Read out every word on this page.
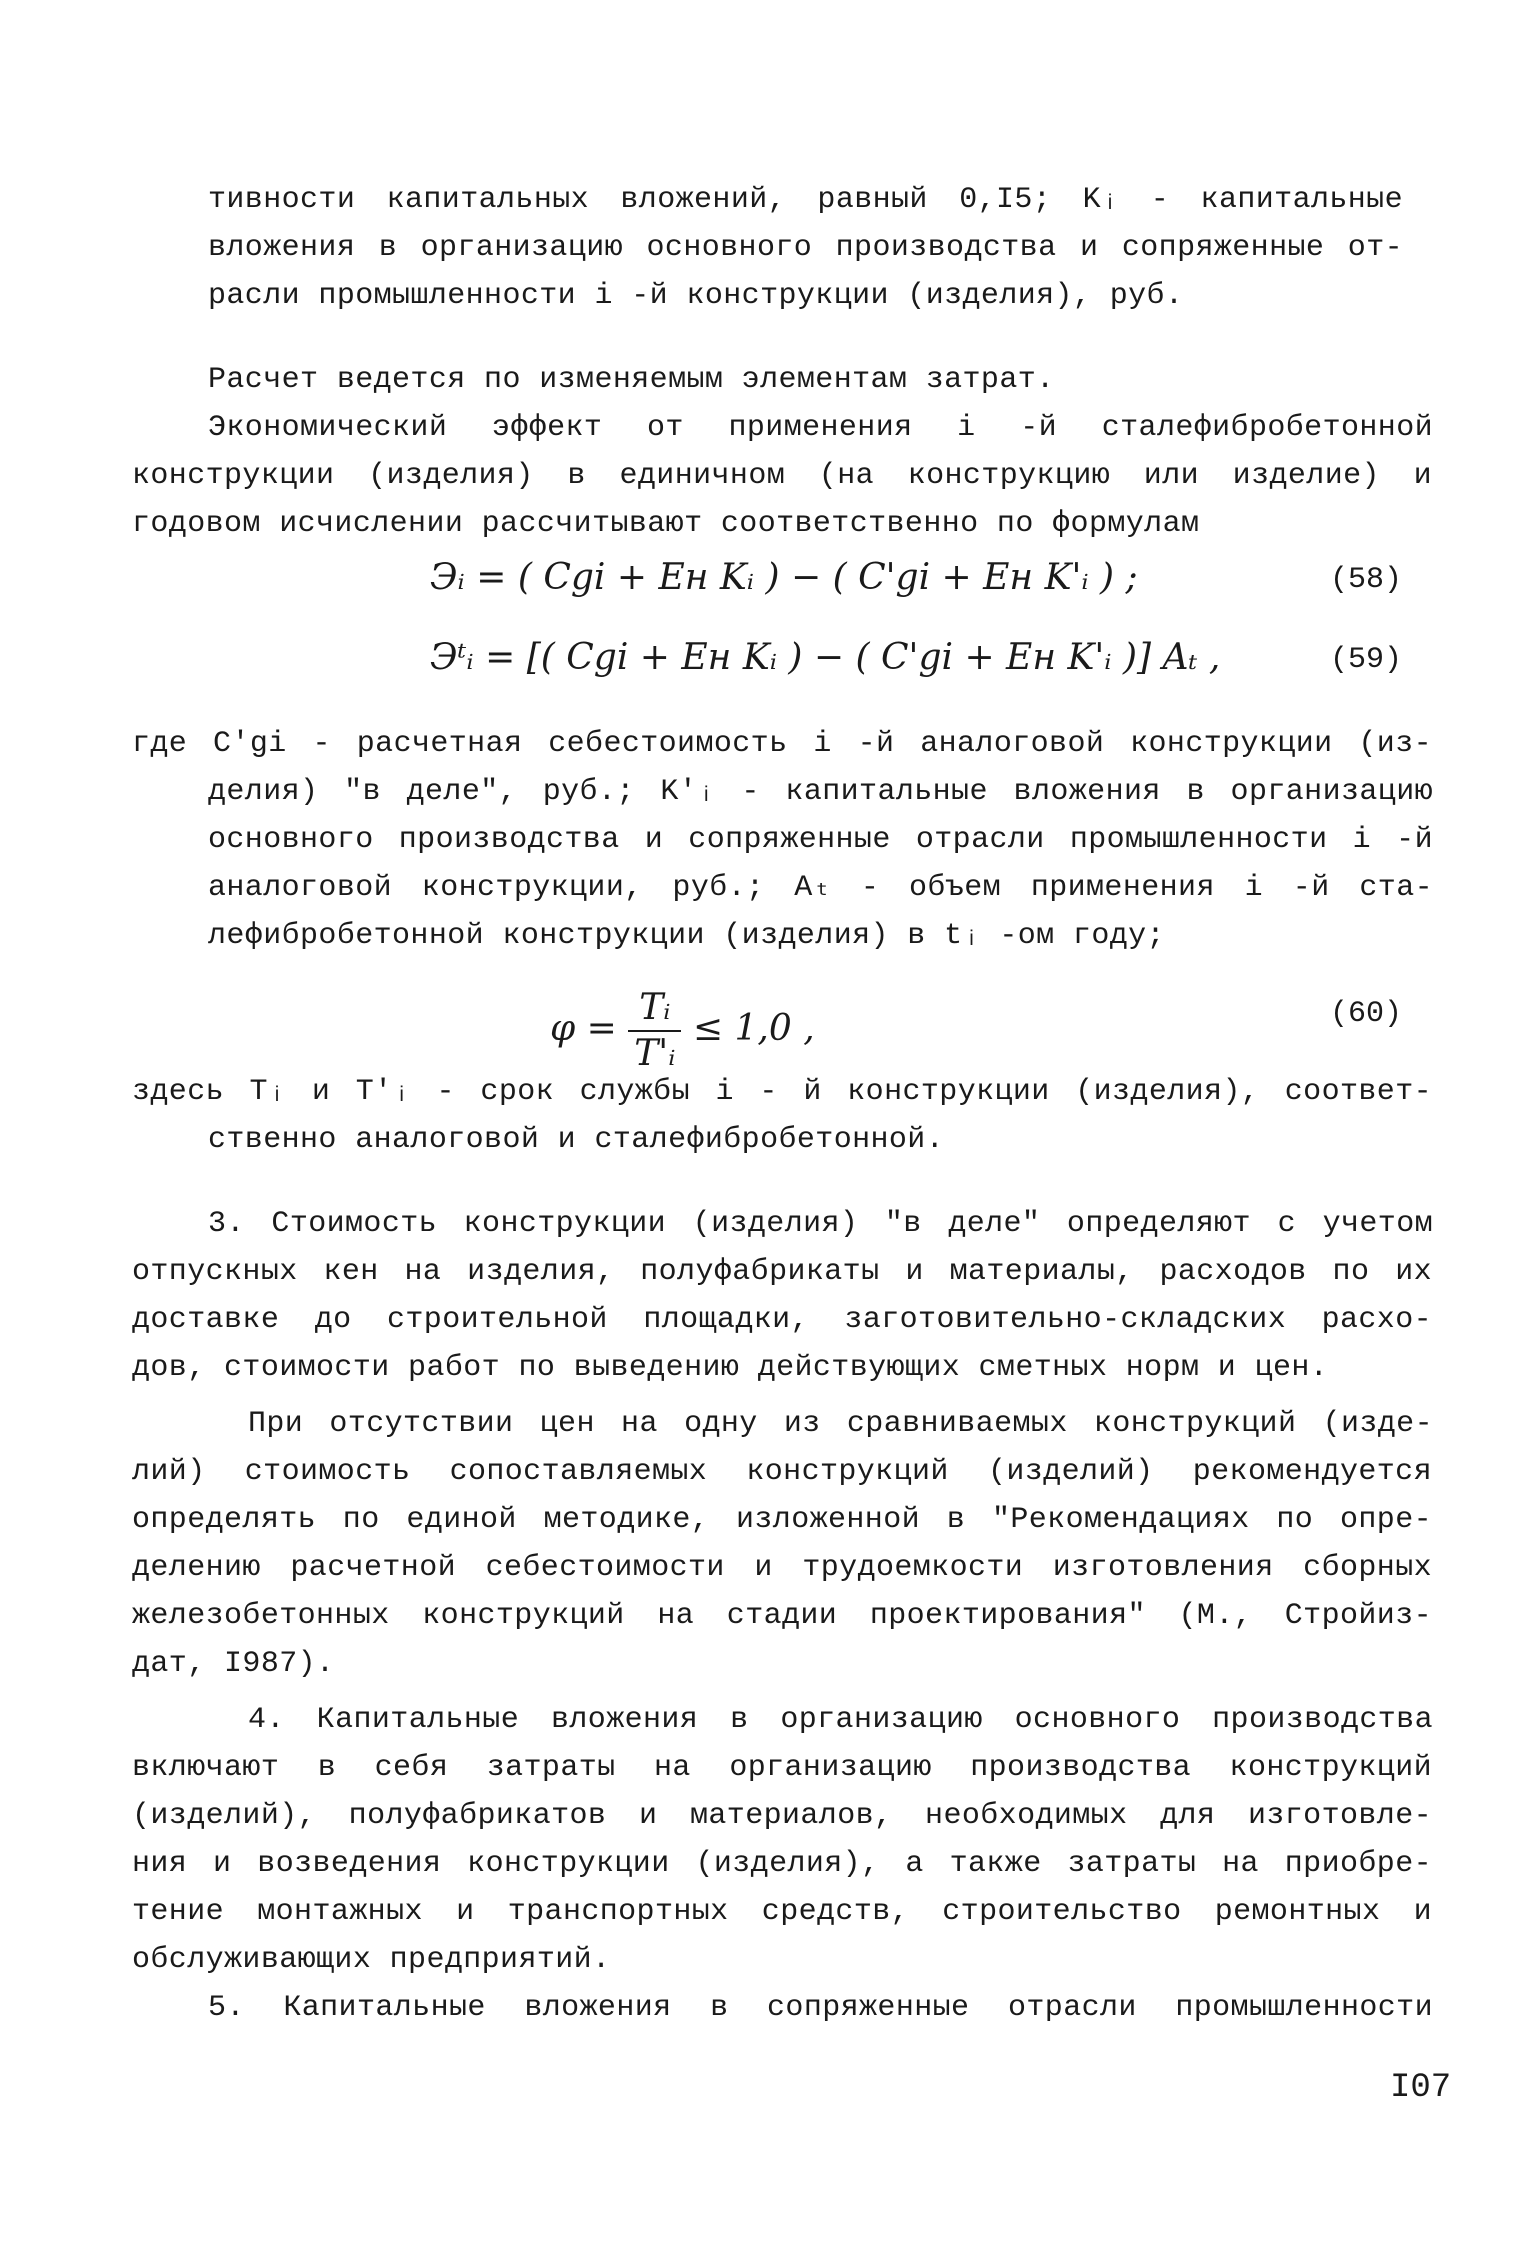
тивности капитальных вложений, равный 0,I5; Kᵢ - капитальные
вложения в организацию основного производства и сопряженные от-
расли промышленности i -й конструкции (изделия), руб.
Расчет ведется по изменяемым элементам затрат.
Экономический эффект от применения i -й сталефибробетонной
конструкции (изделия) в единичном (на конструкцию или изделие) и
годовом исчислении рассчитывают соответственно по формулам
Эᵢ = ( Cgi + Eн Kᵢ ) − ( C'gi + Eн K'ᵢ ) ;	(58)
Эᵗᵢ = [( Cgi + Eн Kᵢ ) − ( C'gi + Eн K'ᵢ )] Aₜ ,	(59)
где C'gi - расчетная себестоимость i -й аналоговой конструкции (из-
делия) "в деле", руб.; K'ᵢ - капитальные вложения в организацию
основного производства и сопряженные отрасли промышленности i -й
аналоговой конструкции, руб.; Aₜ - объем применения i -й ста-
лефибробетонной конструкции (изделия) в tᵢ -ом году;
$\varphi = \frac{\text{Tᵢ}}{\text{T'ᵢ}} \le 1,0$ ,	(60)
здесь Tᵢ и T'ᵢ - срок службы i - й конструкции (изделия), соответ-
ственно аналоговой и сталефибробетонной.
3. Стоимость конструкции (изделия) "в деле" определяют с учетом
отпускных кен на изделия, полуфабрикаты и материалы, расходов по их
доставке до строительной площадки, заготовительно-складских расхо-
дов, стоимости работ по выведению действующих сметных норм и цен.
При отсутствии цен на одну из сравниваемых конструкций (изде-
лий) стоимость сопоставляемых конструкций (изделий) рекомендуется
определять по единой методике, изложенной в "Рекомендациях по опре-
делению расчетной себестоимости и трудоемкости изготовления сборных
железобетонных конструкций на стадии проектирования" (М., Стройиз-
дат, I987).
4. Капитальные вложения в организацию основного производства
включают в себя затраты на организацию производства конструкций
(изделий), полуфабрикатов и материалов, необходимых для изготовле-
ния и возведения конструкции (изделия), а также затраты на приобре-
тение монтажных и транспортных средств, строительство ремонтных и
обслуживающих предприятий.
5. Капитальные вложения в сопряженные отрасли промышленности
I07
